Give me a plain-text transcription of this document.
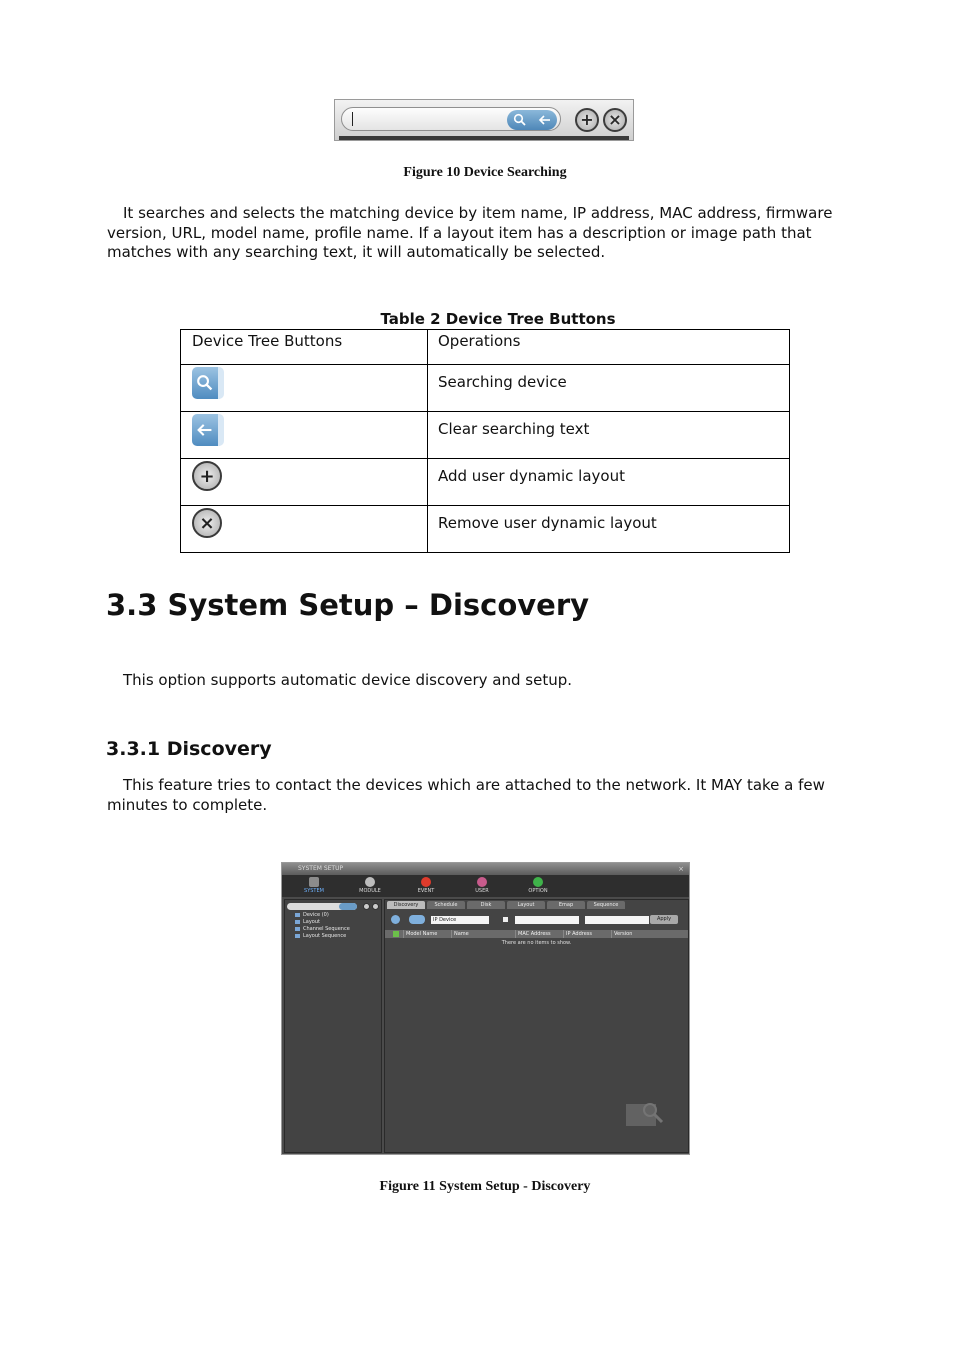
+ ×
Figure 10 Device Searching

It searches and selects the matching device by item name, IP address, MAC address, firmware version, URL, model name, profile name. If a layout item has a description or image path that matches with any searching text, it will automatically be selected.

Table 2 Device Tree Buttons
Device Tree Buttons	Operations

	Searching device

	Clear searching text
+	Add user dynamic layout
×	Remove user dynamic layout
3.3 System Setup – Discovery

This option supports automatic device discovery and setup.

3.3.1 Discovery

This feature tries to contact the devices which are attached to the network. It MAY take a few minutes to complete.

SYSTEM SETUP	×
SYSTEM	MODULE	EVENT	USER	OPTION
Device (0)
Layout
Channel Sequence
Layout Sequence
Discovery	Schedule	Disk	Layout	Emap	Sequence
IP Device	Apply
Model Name	Name	MAC Address	IP Address	Version
There are no items to show.
Figure 11 System Setup - Discovery
